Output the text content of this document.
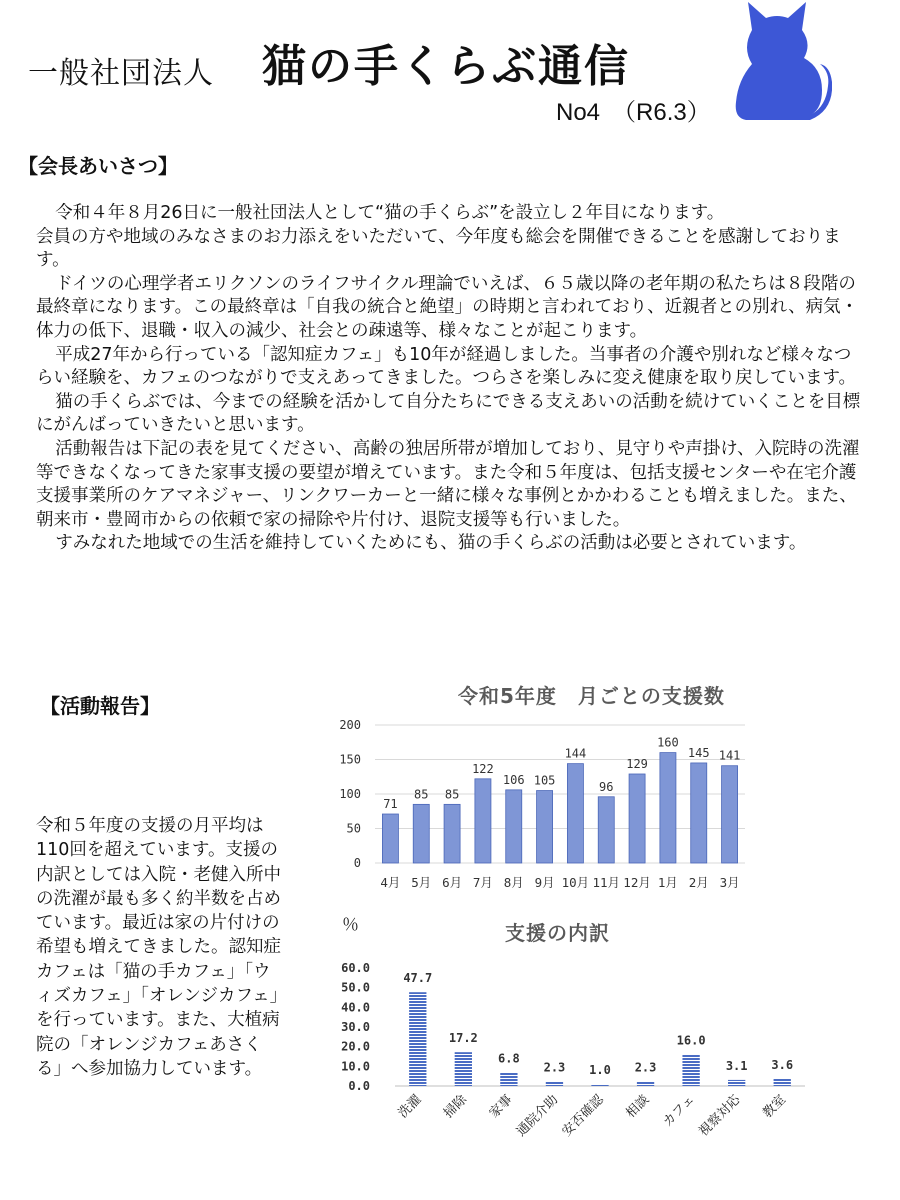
一般社団法人 猫の手くらぶ通信
No4　（R6.3）
【会長あいさつ】

令和４年８月26日に一般社団法人として“猫の手くらぶ”を設立し２年目になります。

会員の方や地域のみなさまのお力添えをいただいて、今年度も総会を開催できることを感謝しております。

ドイツの心理学者エリクソンのライフサイクル理論でいえば、６５歳以降の老年期の私たちは８段階の最終章になります。この最終章は「自我の統合と絶望」の時期と言われており、近親者との別れ、病気・体力の低下、退職・収入の減少、社会との疎遠等、様々なことが起こります。

平成27年から行っている「認知症カフェ」も10年が経過しました。当事者の介護や別れなど様々なつらい経験を、カフェのつながりで支えあってきました。つらさを楽しみに変え健康を取り戻しています。

猫の手くらぶでは、今までの経験を活かして自分たちにできる支えあいの活動を続けていくことを目標にがんばっていきたいと思います。

活動報告は下記の表を見てください、高齢の独居所帯が増加しており、見守りや声掛け、入院時の洗濯等できなくなってきた家事支援の要望が増えています。また令和５年度は、包括支援センターや在宅介護支援事業所のケアマネジャー、リンクワーカーと一緒に様々な事例とかかわることも増えました。また、朝来市・豊岡市からの依頼で家の掃除や片付け、退院支援等も行いました。

すみなれた地域での生活を維持していくためにも、猫の手くらぶの活動は必要とされています。

【活動報告】
令和５年度の支援の月平均は110回を超えています。支援の内訳としては入院・老健入所中の洗濯が最も多く約半数を占めています。最近は家の片付けの希望も増えてきました。認知症カフェは「猫の手カフェ」「ウィズカフェ」「オレンジカフェ」を行っています。また、大植病院の「オレンジカフェあさくる」へ参加協力しています。
令和5年度　月ごとの支援数
0
50
100
150
200
71
4月
85
5月
85
6月
122
7月
106
8月
105
9月
144
10月
96
11月
129
12月
160
1月
145
2月
141
3月
％	支援の内訳
0.0
10.0
20.0
30.0
40.0
50.0
60.0
47.7
洗濯
17.2
掃除
6.8
家事
2.3
通院介助
1.0
安否確認
2.3
相談
16.0
カフェ
3.1
視察対応
3.6
教室
